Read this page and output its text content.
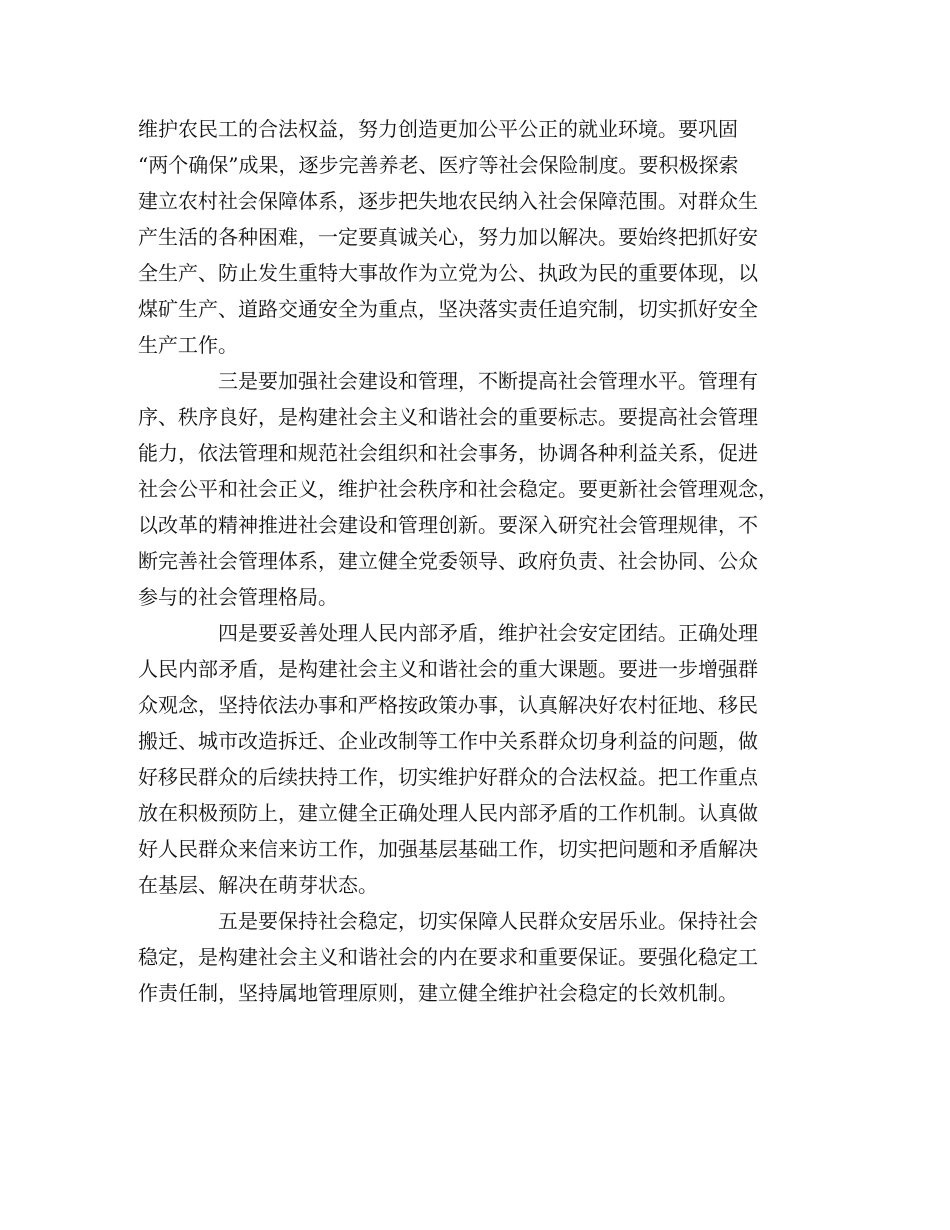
维护农民工的合法权益，努力创造更加公平公正的就业环境。要巩固
“两个确保”成果，逐步完善养老、医疗等社会保险制度。要积极探索
建立农村社会保障体系，逐步把失地农民纳入社会保障范围。对群众生
产生活的各种困难，一定要真诚关心，努力加以解决。要始终把抓好安
全生产、防止发生重特大事故作为立党为公、执政为民的重要体现，以
煤矿生产、道路交通安全为重点，坚决落实责任追究制，切实抓好安全
生产工作。
三是要加强社会建设和管理，不断提高社会管理水平。管理有
序、秩序良好，是构建社会主义和谐社会的重要标志。要提高社会管理
能力，依法管理和规范社会组织和社会事务，协调各种利益关系，促进
社会公平和社会正义，维护社会秩序和社会稳定。要更新社会管理观念，
以改革的精神推进社会建设和管理创新。要深入研究社会管理规律，不
断完善社会管理体系，建立健全党委领导、政府负责、社会协同、公众
参与的社会管理格局。
四是要妥善处理人民内部矛盾，维护社会安定团结。正确处理
人民内部矛盾，是构建社会主义和谐社会的重大课题。要进一步增强群
众观念，坚持依法办事和严格按政策办事，认真解决好农村征地、移民
搬迁、城市改造拆迁、企业改制等工作中关系群众切身利益的问题，做
好移民群众的后续扶持工作，切实维护好群众的合法权益。把工作重点
放在积极预防上，建立健全正确处理人民内部矛盾的工作机制。认真做
好人民群众来信来访工作，加强基层基础工作，切实把问题和矛盾解决
在基层、解决在萌芽状态。
五是要保持社会稳定，切实保障人民群众安居乐业。保持社会
稳定，是构建社会主义和谐社会的内在要求和重要保证。要强化稳定工
作责任制，坚持属地管理原则，建立健全维护社会稳定的长效机制。
